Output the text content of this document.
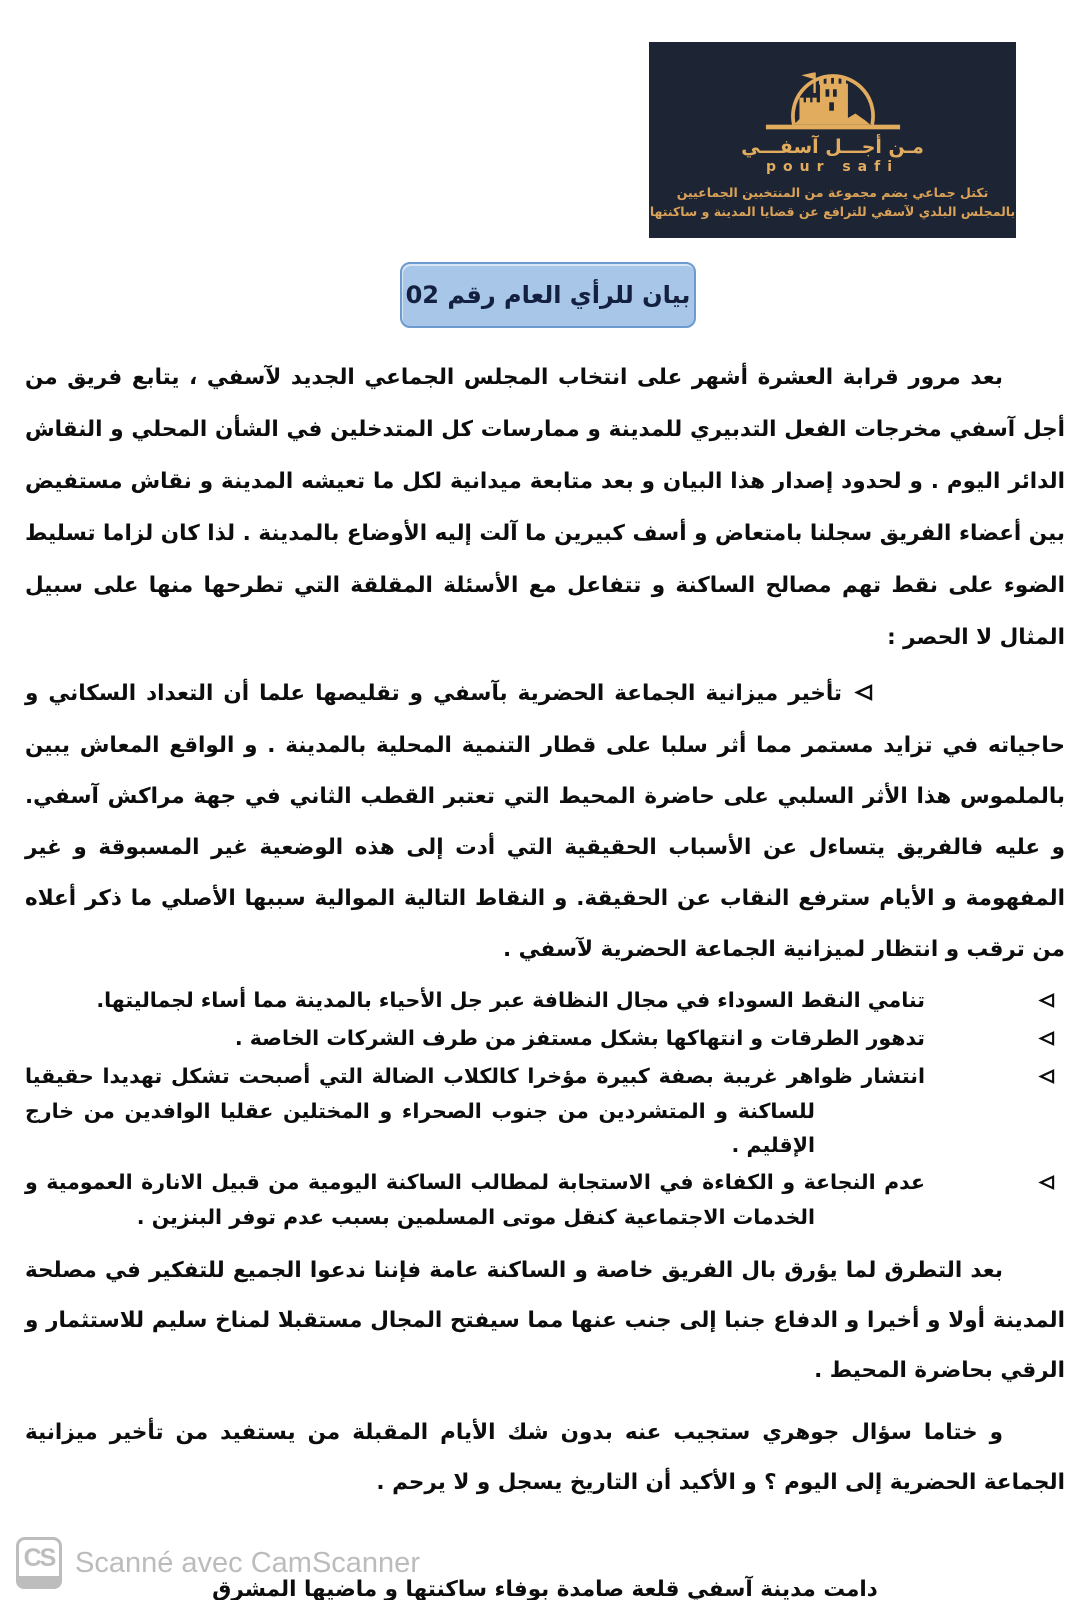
مـن أجـــل آسفـــي
pour safi
تكتل جماعي يضم مجموعة من المنتخبين الجماعيين
بالمجلس البلدي لآسفي للترافع عن قضايا المدينة و ساكنتها
بيان للرأي العام رقم 02

بعد مرور قرابة العشرة أشهر على انتخاب المجلس الجماعي الجديد لآسفي ، يتابع فريق من أجل آسفي مخرجات الفعل التدبيري للمدينة و ممارسات كل المتدخلين في الشأن المحلي و النقاش الدائر اليوم . و لحدود إصدار هذا البيان و بعد متابعة ميدانية لكل ما تعيشه المدينة و نقاش مستفيض بين أعضاء الفريق سجلنا بامتعاض و أسف كبيرين ما آلت إليه الأوضاع بالمدينة . لذا كان لزاما تسليط الضوء على نقط تهم مصالح الساكنة و تتفاعل مع الأسئلة المقلقة التي تطرحها منها على سبيل المثال لا الحصر :

تأخير ميزانية الجماعة الحضرية بآسفي و تقليصها علما أن التعداد السكاني و حاجياته في تزايد مستمر مما أثر سلبا على قطار التنمية المحلية بالمدينة . و الواقع المعاش يبين بالملموس هذا الأثر السلبي على حاضرة المحيط التي تعتبر القطب الثاني في جهة مراكش آسفي. و عليه فالفريق يتساءل عن الأسباب الحقيقية التي أدت إلى هذه الوضعية غير المسبوقة و غير المفهومة و الأيام سترفع النقاب عن الحقيقة. و النقاط التالية الموالية سببها الأصلي ما ذكر أعلاه من ترقب و انتظار لميزانية الجماعة الحضرية لآسفي .
تنامي النقط السوداء في مجال النظافة عبر جل الأحياء بالمدينة مما أساء لجماليتها.
تدهور الطرقات و انتهاكها بشكل مستفز من طرف الشركات الخاصة .
انتشار ظواهر غريبة بصفة كبيرة مؤخرا كالكلاب الضالة التي أصبحت تشكل تهديدا حقيقيا للساكنة و المتشردين من جنوب الصحراء و المختلين عقليا الوافدين من خارج الإقليم .
عدم النجاعة و الكفاءة في الاستجابة لمطالب الساكنة اليومية من قبيل الانارة العمومية و الخدمات الاجتماعية كنقل موتى المسلمين بسبب عدم توفر البنزين .

بعد التطرق لما يؤرق بال الفريق خاصة و الساكنة عامة فإننا ندعوا الجميع للتفكير في مصلحة المدينة أولا و أخيرا و الدفاع جنبا إلى جنب عنها مما سيفتح المجال مستقبلا لمناخ سليم للاستثمار و الرقي بحاضرة المحيط .

و ختاما سؤال جوهري ستجيب عنه بدون شك الأيام المقبلة من يستفيد من تأخير ميزانية الجماعة الحضرية إلى اليوم ؟ و الأكيد أن التاريخ يسجل و لا يرحم .

دامت مدينة آسفي قلعة صامدة بوفاء ساكنتها و ماضيها المشرق

CS Scanné avec CamScanner
